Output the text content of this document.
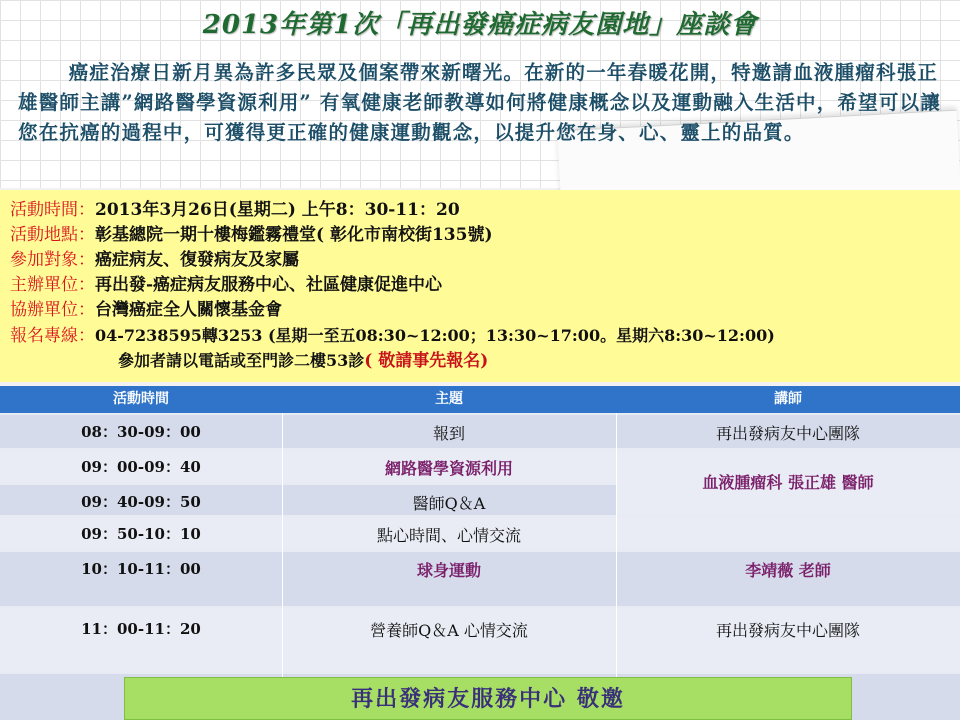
2013年第1次「再出發癌症病友園地」座談會
癌症治療日新月異為許多民眾及個案帶來新曙光。在新的一年春暖花開，特邀請血液腫瘤科張正雄醫師主講”網路醫學資源利用” 有氧健康老師教導如何將健康概念以及運動融入生活中，希望可以讓您在抗癌的過程中，可獲得更正確的健康運動觀念，以提升您在身、心、靈上的品質。
活動時間：2013年3月26日(星期二) 上午8：30-11：20
活動地點：彰基總院一期十樓梅鑑霧禮堂( 彰化市南校街135號)
參加對象：癌症病友、復發病友及家屬
主辦單位：再出發-癌症病友服務中心、社區健康促進中心
協辦單位：台灣癌症全人關懷基金會
報名專線：04-7238595轉3253 (星期一至五08:30~12:00；13:30~17:00。星期六8:30~12:00)
參加者請以電話或至門診二樓53診( 敬請事先報名)
活動時間	主題	講師
08：30-09：00	報到	再出發病友中心團隊
09：00-09：40	網路醫學資源利用
血液腫瘤科 張正雄 醫師
09：40-09：50	醫師Q＆A
09：50-10：10	點心時間、心情交流
10：10-11：00	球身運動	李靖薇 老師
11：00-11：20	營養師Q＆A 心情交流	再出發病友中心團隊
再出發病友服務中心 敬邀
